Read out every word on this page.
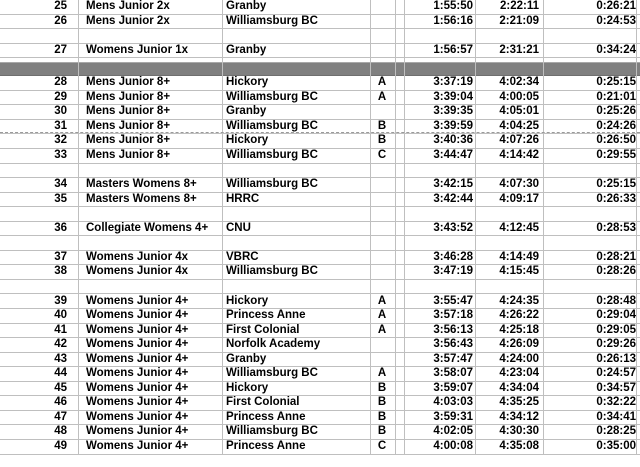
25 Mens Junior 2x	Granby	1:55:50	2:22:11	0:26:21
26 Mens Junior 2x	Williamsburg BC	1:56:16	2:21:09	0:24:53
27 Womens Junior 1x	Granby	1:56:57	2:31:21	0:34:24
28 Mens Junior 8+	Hickory	A	3:37:19	4:02:34	0:25:15
29 Mens Junior 8+	Williamsburg BC	A	3:39:04	4:00:05	0:21:01
30 Mens Junior 8+	Granby	3:39:35	4:05:01	0:25:26
31 Mens Junior 8+	Williamsburg BC	B	3:39:59	4:04:25	0:24:26
32 Mens Junior 8+	Hickory	B	3:40:36	4:07:26	0:26:50
33 Mens Junior 8+	Williamsburg BC	C	3:44:47	4:14:42	0:29:55
34 Masters Womens 8+	Williamsburg BC	3:42:15	4:07:30	0:25:15
35 Masters Womens 8+	HRRC	3:42:44	4:09:17	0:26:33
36 Collegiate Womens 4+	CNU	3:43:52	4:12:45	0:28:53
37 Womens Junior 4x	VBRC	3:46:28	4:14:49	0:28:21
38 Womens Junior 4x	Williamsburg BC	3:47:19	4:15:45	0:28:26
39 Womens Junior 4+	Hickory	A	3:55:47	4:24:35	0:28:48
40 Womens Junior 4+	Princess Anne	A	3:57:18	4:26:22	0:29:04
41 Womens Junior 4+	First Colonial	A	3:56:13	4:25:18	0:29:05
42 Womens Junior 4+	Norfolk Academy	3:56:43	4:26:09	0:29:26
43 Womens Junior 4+	Granby	3:57:47	4:24:00	0:26:13
44 Womens Junior 4+	Williamsburg BC	A	3:58:07	4:23:04	0:24:57
45 Womens Junior 4+	Hickory	B	3:59:07	4:34:04	0:34:57
46 Womens Junior 4+	First Colonial	B	4:03:03	4:35:25	0:32:22
47 Womens Junior 4+	Princess Anne	B	3:59:31	4:34:12	0:34:41
48 Womens Junior 4+	Williamsburg BC	B	4:02:05	4:30:30	0:28:25
49 Womens Junior 4+	Princess Anne	C	4:00:08	4:35:08	0:35:00
